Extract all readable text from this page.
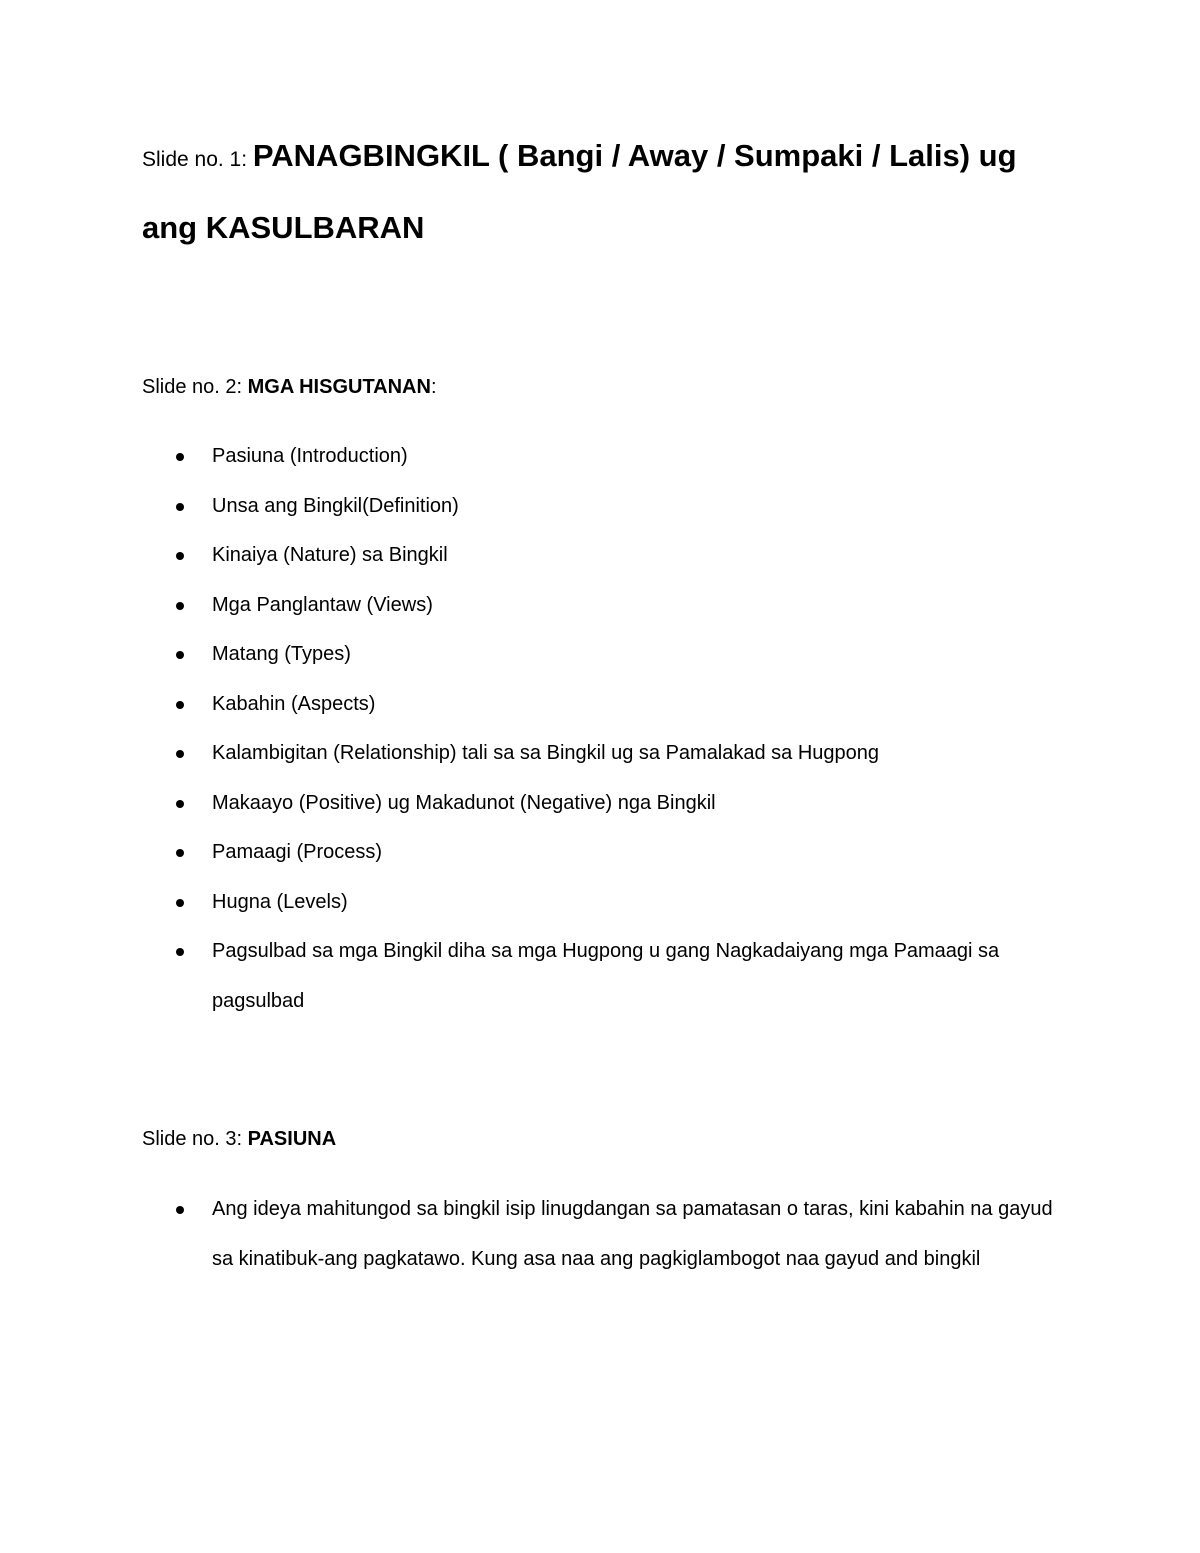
Slide no. 1: PANAGBINGKIL ( Bangi / Away / Sumpaki / Lalis) ug
ang KASULBARAN
Slide no. 2: MGA HISGUTANAN:
Pasiuna (Introduction)
Unsa ang Bingkil(Definition)
Kinaiya (Nature) sa Bingkil
Mga Panglantaw (Views)
Matang (Types)
Kabahin (Aspects)
Kalambigitan (Relationship) tali sa sa Bingkil ug sa Pamalakad sa Hugpong
Makaayo (Positive) ug Makadunot (Negative) nga Bingkil
Pamaagi (Process)
Hugna (Levels)
Pagsulbad sa mga Bingkil diha sa mga Hugpong u gang Nagkadaiyang mga Pamaagi sa pagsulbad
Slide no. 3: PASIUNA
Ang ideya mahitungod sa bingkil isip linugdangan sa pamatasan o taras, kini kabahin na gayud sa kinatibuk-ang pagkatawo. Kung asa naa ang pagkiglambogot naa gayud and bingkil
